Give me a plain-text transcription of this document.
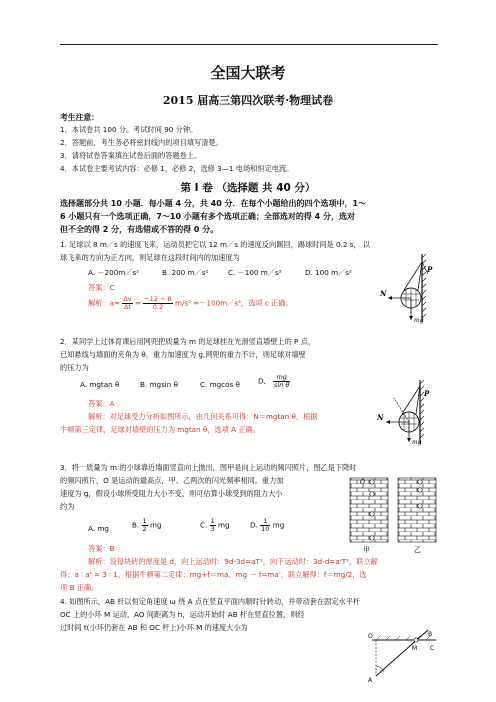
全国大联考
2015 届高三第四次联考·物理试卷
考生注意：
1．本试卷共 100 分。考试时间 90 分钟。
2．答题前，考生务必将密封线内的项目填写清楚。
3．请将试卷答案填在试卷后面的答题卷上。
4．本试卷主要考试内容：必修 1，必修 2，选修 3—1 电场和恒定电流。
第 I 卷 （选择题 共 40 分）
选择题部分共 10 小题．每小题 4 分，共 40 分．在每个小题给出的四个选项中，1～
6 小题只有一个选项正确，7～10 小题有多个选项正确；全部选对的得 4 分，选对
但不全的得 2 分，有选错或不答的得 0 分。
1. 足球以 8 m／s 的速度飞来，运动员把它以 12 m／s 的速度反向踢回，踢球时间是 0.2 s， 以
球飞来的方向为正方向，则足球在这段时间内的加速度为
A. －200m／s²	B. 200 m／s²	C. －100 m／s²	D. 100 m／s²
答案：C
解析：$a= \frac{\Delta v}{\Delta t} = \frac{-12 - 8}{0.2} m/s^2$ =－100m／s²，选项 c 正确。
P
N
mg
2．某同学上过体育课后用网兜把质量为 m 的足球挂在光滑竖直墙壁上的 P 点，
已知悬线与墙面的夹角为 θ，重力加速度为 g,网兜的重力不计，则足球对墙壁
的压力为
A. mgtan θ	B. mgsin θ	C. mgcos θ	D． $\frac{mg}{\text{sin θ}}$
答案：A
解析：对足球受力分析如图所示，由几何关系可得：N＝mgtan θ，根据
牛顿第三定律，足球对墙壁的压力为 mgtan θ，选项 A 正确。
P
N
mg
3．将一质量为 m 的小球靠近墙面竖直向上抛出，图甲是向上运动的频闪照片，图乙是下降时
的频闪照片，O 是运动的最高点，甲、乙两次的闪光频率相同。重力加
速度为 g，假设小球所受阻力大小不变，则可估算小球受到的阻力大小
约为
A. mg	B. $\frac{1}{2}$ mg	C. $\frac{1}{3}$ mg	D. $\frac{1}{10}$ mg
答案：B
解析：设每块砖的厚度是 d，向上运动时：9d-3d=aT²，向下运动时：3d-d=a'T²，联立解
得：a ∶ a' = 3 ∶ 1，根据牛顿第二定律：mg+f＝ma、mg － f=ma'，联立解得：f＝mg/2，选
项 B 正确。
O
甲	乙
4. 如图所示，AB 杆以恒定角速度 ω 绕 A 点在竖直平面内顺时针转动，并带动套在固定水平杆
OC 上的小环 M 运动，AO 间距离为 h，运动开始时 AB 杆在竖直位置，则经
过时间 t(小环仍套在 AB 和 OC 杆上)小环 M 的速度大小为
O
M C
B
A
